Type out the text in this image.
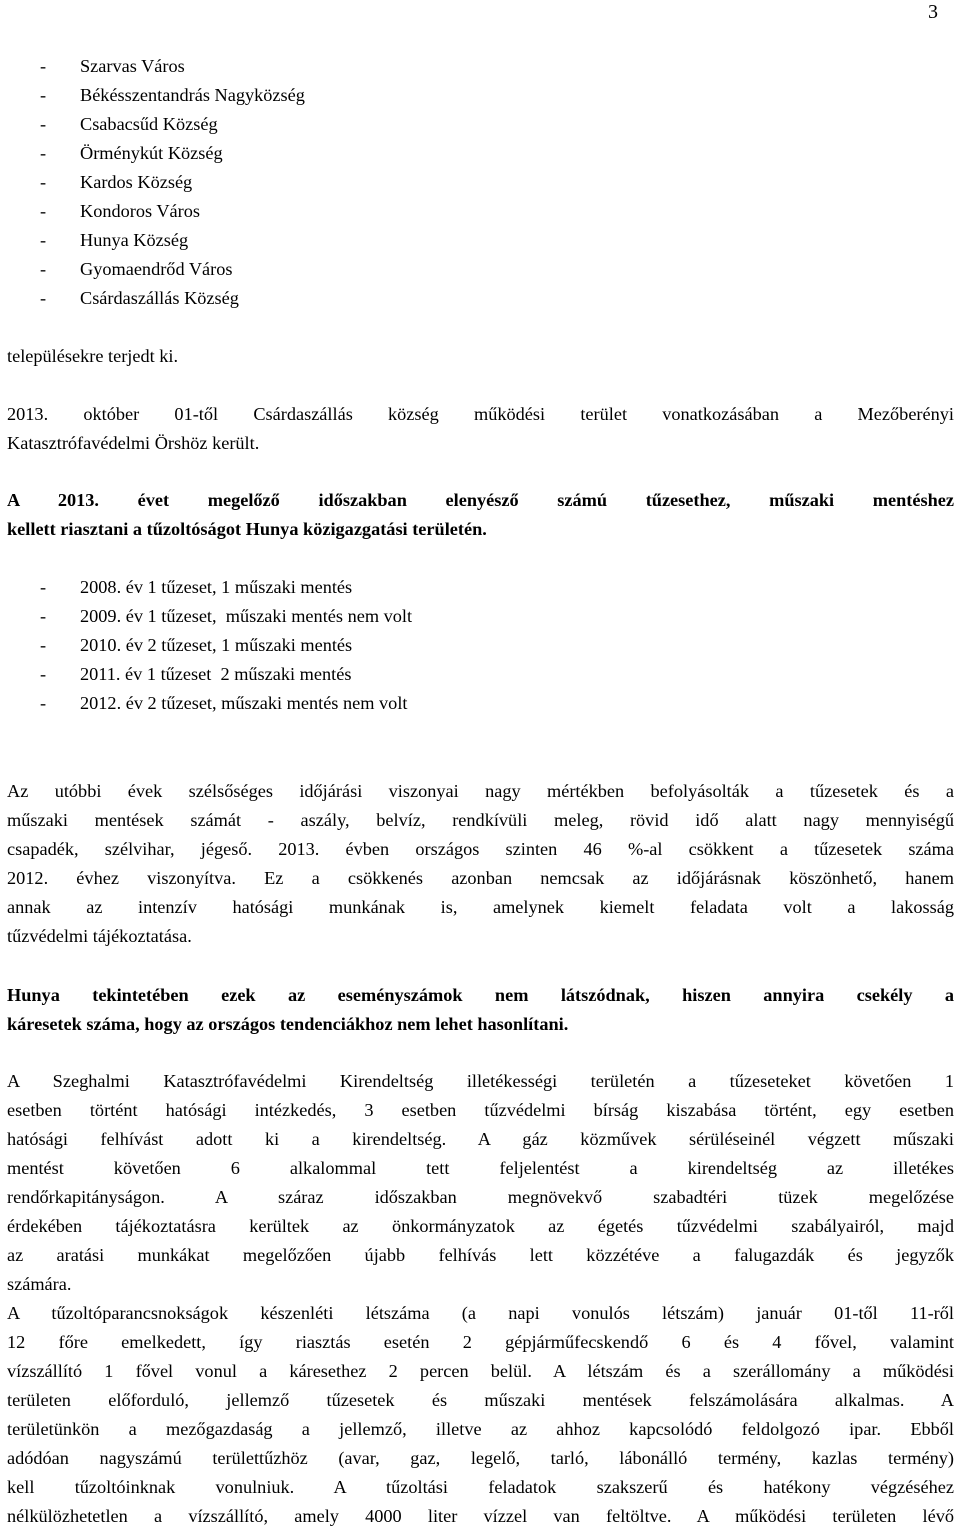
3
- Szarvas Város
- Békésszentandrás Nagyközség
- Csabacsűd Község
- Örménykút Község
- Kardos Község
- Kondoros Város
- Hunya Község
- Gyomaendrőd Város
- Csárdaszállás Község
településekre terjedt ki.
2013. október 01-től Csárdaszállás község működési terület vonatkozásában a Mezőberényi
Katasztrófavédelmi Örshöz került.
A 2013. évet megelőző időszakban elenyésző számú tűzesethez, műszaki mentéshez
kellett riasztani a tűzoltóságot Hunya közigazgatási területén.
- 2008. év 1 tűzeset, 1 műszaki mentés
- 2009. év 1 tűzeset,  műszaki mentés nem volt
- 2010. év 2 tűzeset, 1 műszaki mentés
- 2011. év 1 tűzeset  2 műszaki mentés
- 2012. év 2 tűzeset, műszaki mentés nem volt
Az utóbbi évek szélsőséges időjárási viszonyai nagy mértékben befolyásolták a tűzesetek és a
műszaki mentések számát - aszály, belvíz, rendkívüli meleg, rövid idő alatt nagy mennyiségű
csapadék, szélvihar, jégeső. 2013. évben országos szinten 46 %-al csökkent a tűzesetek száma
2012. évhez viszonyítva. Ez a csökkenés azonban nemcsak az időjárásnak köszönhető, hanem
annak az intenzív hatósági munkának is, amelynek kiemelt feladata volt a lakosság
tűzvédelmi tájékoztatása.
Hunya tekintetében ezek az eseményszámok nem látszódnak, hiszen annyira csekély a
káresetek száma, hogy az országos tendenciákhoz nem lehet hasonlítani.
A Szeghalmi Katasztrófavédelmi Kirendeltség illetékességi területén a tűzeseteket követően 1
esetben történt hatósági intézkedés, 3 esetben tűzvédelmi bírság kiszabása történt, egy esetben
hatósági felhívást adott ki a kirendeltség. A gáz közművek sérüléseinél végzett műszaki
mentést követően 6 alkalommal tett feljelentést a kirendeltség az illetékes
rendőrkapitányságon. A száraz időszakban megnövekvő szabadtéri tüzek megelőzése
érdekében tájékoztatásra kerültek az önkormányzatok az égetés tűzvédelmi szabályairól, majd
az aratási munkákat megelőzően újabb felhívás lett közzétéve a falugazdák és jegyzők
számára.
A tűzoltóparancsnokságok készenléti létszáma (a napi vonulós létszám) január 01-től 11-ről
12 főre emelkedett, így riasztás esetén 2 gépjárműfecskendő 6 és 4 fővel, valamint
vízszállító 1 fővel vonul a káresethez 2 percen belül. A létszám és a szerállomány a működési
területen előforduló, jellemző tűzesetek és műszaki mentések felszámolására alkalmas. A
területünkön a mezőgazdaság a jellemző, illetve az ahhoz kapcsolódó feldolgozó ipar. Ebből
adódóan nagyszámú területtűzhöz (avar, gaz, legelő, tarló, lábonálló termény, kazlas termény)
kell tűzoltóinknak vonulniuk. A tűzoltási feladatok szakszerű és hatékony végzéséhez
nélkülözhetetlen a vízszállító, amely 4000 liter vízzel van feltöltve. A működési területen lévő
